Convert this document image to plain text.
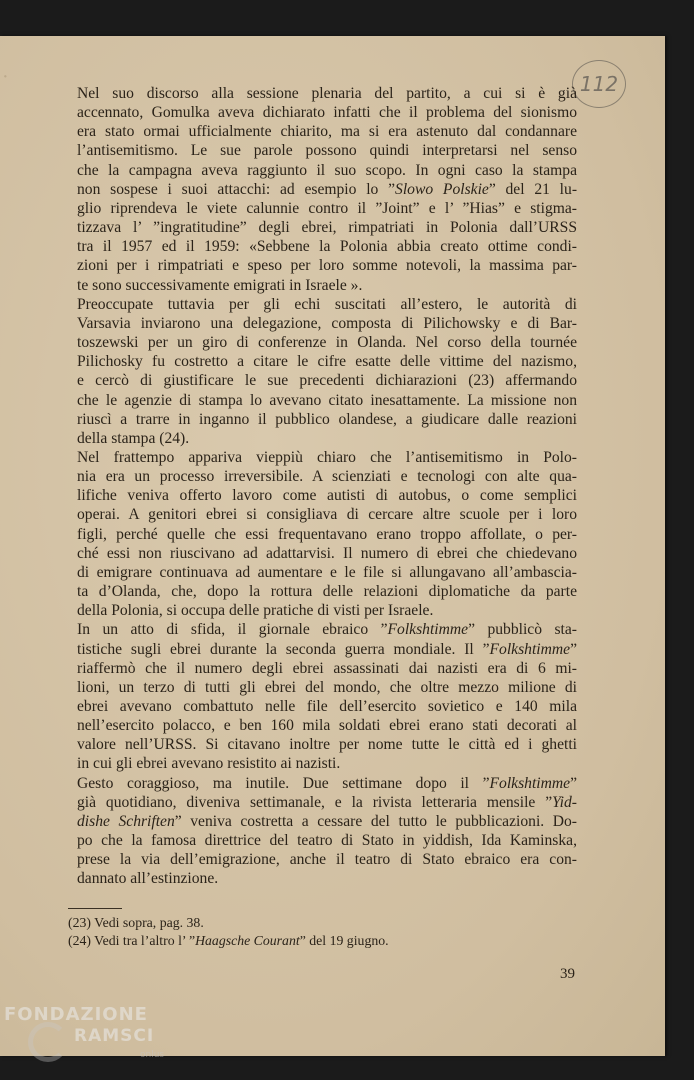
·	112

Nel suo discorso alla sessione plenaria del partito, a cui si è già
accennato, Gomulka aveva dichiarato infatti che il problema del sionismo
era stato ormai ufficialmente chiarito, ma si era astenuto dal condannare
l’antisemitismo. Le sue parole possono quindi interpretarsi nel senso
che la campagna aveva raggiunto il suo scopo. In ogni caso la stampa
non sospese i suoi attacchi: ad esempio lo ”Slowo Polskie” del 21 lu-
glio riprendeva le viete calunnie contro il ”Joint” e l’ ”Hias” e stigma-
tizzava l’ ”ingratitudine” degli ebrei, rimpatriati in Polonia dall’URSS
tra il 1957 ed il 1959: «Sebbene la Polonia abbia creato ottime condi-
zioni per i rimpatriati e speso per loro somme notevoli, la massima par-
te sono successivamente emigrati in Israele ».

Preoccupate tuttavia per gli echi suscitati all’estero, le autorità di
Varsavia inviarono una delegazione, composta di Pilichowsky e di Bar-
toszewski per un giro di conferenze in Olanda. Nel corso della tournée
Pilichosky fu costretto a citare le cifre esatte delle vittime del nazismo,
e cercò di giustificare le sue precedenti dichiarazioni (23) affermando
che le agenzie di stampa lo avevano citato inesattamente. La missione non
riuscì a trarre in inganno il pubblico olandese, a giudicare dalle reazioni
della stampa (24).

Nel frattempo appariva vieppiù chiaro che l’antisemitismo in Polo-
nia era un processo irreversibile. A scienziati e tecnologi con alte qua-
lifiche veniva offerto lavoro come autisti di autobus, o come semplici
operai. A genitori ebrei si consigliava di cercare altre scuole per i loro
figli, perché quelle che essi frequentavano erano troppo affollate, o per-
ché essi non riuscivano ad adattarvisi. Il numero di ebrei che chiedevano
di emigrare continuava ad aumentare e le file si allungavano all’ambascia-
ta d’Olanda, che, dopo la rottura delle relazioni diplomatiche da parte
della Polonia, si occupa delle pratiche di visti per Israele.

In un atto di sfida, il giornale ebraico ”Folkshtimme” pubblicò sta-
tistiche sugli ebrei durante la seconda guerra mondiale. Il ”Folkshtimme”
riaffermò che il numero degli ebrei assassinati dai nazisti era di 6 mi-
lioni, un terzo di tutti gli ebrei del mondo, che oltre mezzo milione di
ebrei avevano combattuto nelle file dell’esercito sovietico e 140 mila
nell’esercito polacco, e ben 160 mila soldati ebrei erano stati decorati al
valore nell’URSS. Si citavano inoltre per nome tutte le città ed i ghetti
in cui gli ebrei avevano resistito ai nazisti.

Gesto coraggioso, ma inutile. Due settimane dopo il ”Folkshtimme”
già quotidiano, diveniva settimanale, e la rivista letteraria mensile ”Yid-
dishe Schriften” veniva costretta a cessare del tutto le pubblicazioni. Do-
po che la famosa direttrice del teatro di Stato in yiddish, Ida Kaminska,
prese la via dell’emigrazione, anche il teatro di Stato ebraico era con-
dannato all’estinzione.

(23) Vedi sopra, pag. 38.
(24) Vedi tra l’altro l’ ”Haagsche Courant” del 19 giugno.
39
FONDAZIONE
RAMSCI
onlus
